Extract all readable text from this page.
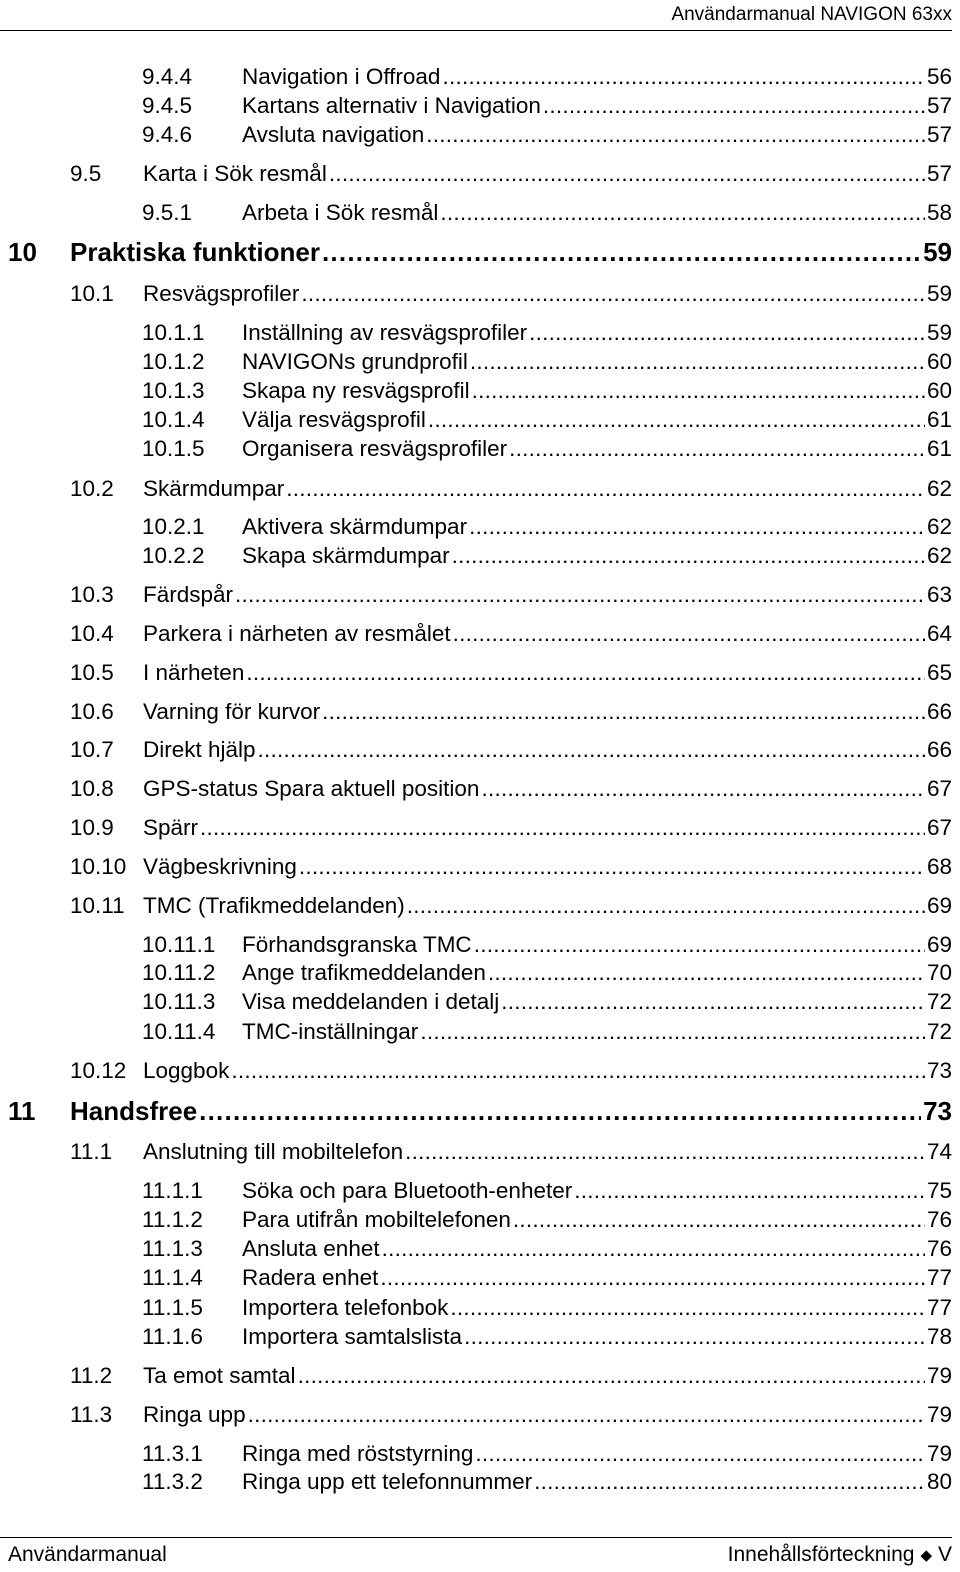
Användarmanual NAVIGON 63xx
9.4.4	Navigation i Offroad . . .	56
9.4.5	Kartans alternativ i Navigation . . .	57
9.4.6	Avsluta navigation . . .	57
9.5	Karta i Sök resmål . . .	57
9.5.1	Arbeta i Sök resmål . . .	58
10	Praktiska funktioner . . .	59
10.1	Resvägsprofiler . . .	59
10.1.1	Inställning av resvägsprofiler . . .	59
10.1.2	NAVIGONs grundprofil . . .	60
10.1.3	Skapa ny resvägsprofil . . .	60
10.1.4	Välja resvägsprofil . . .	61
10.1.5	Organisera resvägsprofiler . . .	61
10.2	Skärmdumpar . . .	62
10.2.1	Aktivera skärmdumpar . . .	62
10.2.2	Skapa skärmdumpar . . .	62
10.3	Färdspår . . .	63
10.4	Parkera i närheten av resmålet . . .	64
10.5	I närheten . . .	65
10.6	Varning för kurvor . . .	66
10.7	Direkt hjälp . . .	66
10.8	GPS-status Spara aktuell position . . .	67
10.9	Spärr . . .	67
10.10 Vägbeskrivning . . .	68
10.11 TMC (Trafikmeddelanden) . . .	69
10.11.1	Förhandsgranska TMC . . .	69
10.11.2	Ange trafikmeddelanden . . .	70
10.11.3	Visa meddelanden i detalj . . .	72
10.11.4	TMC-inställningar . . .	72
10.12 Loggbok . . .	73
11	Handsfree . . .	73
11.1	Anslutning till mobiltelefon . . .	74
11.1.1	Söka och para Bluetooth-enheter . . .	75
11.1.2	Para utifrån mobiltelefonen . . .	76
11.1.3	Ansluta enhet . . .	76
11.1.4	Radera enhet . . .	77
11.1.5	Importera telefonbok . . .	77
11.1.6	Importera samtalslista . . .	78
11.2	Ta emot samtal . . .	79
11.3	Ringa upp . . .	79
11.3.1	Ringa med röststyrning . . .	79
11.3.2	Ringa upp ett telefonnummer . . .	80
Användarmanual	Innehållsförteckning ◆ V
